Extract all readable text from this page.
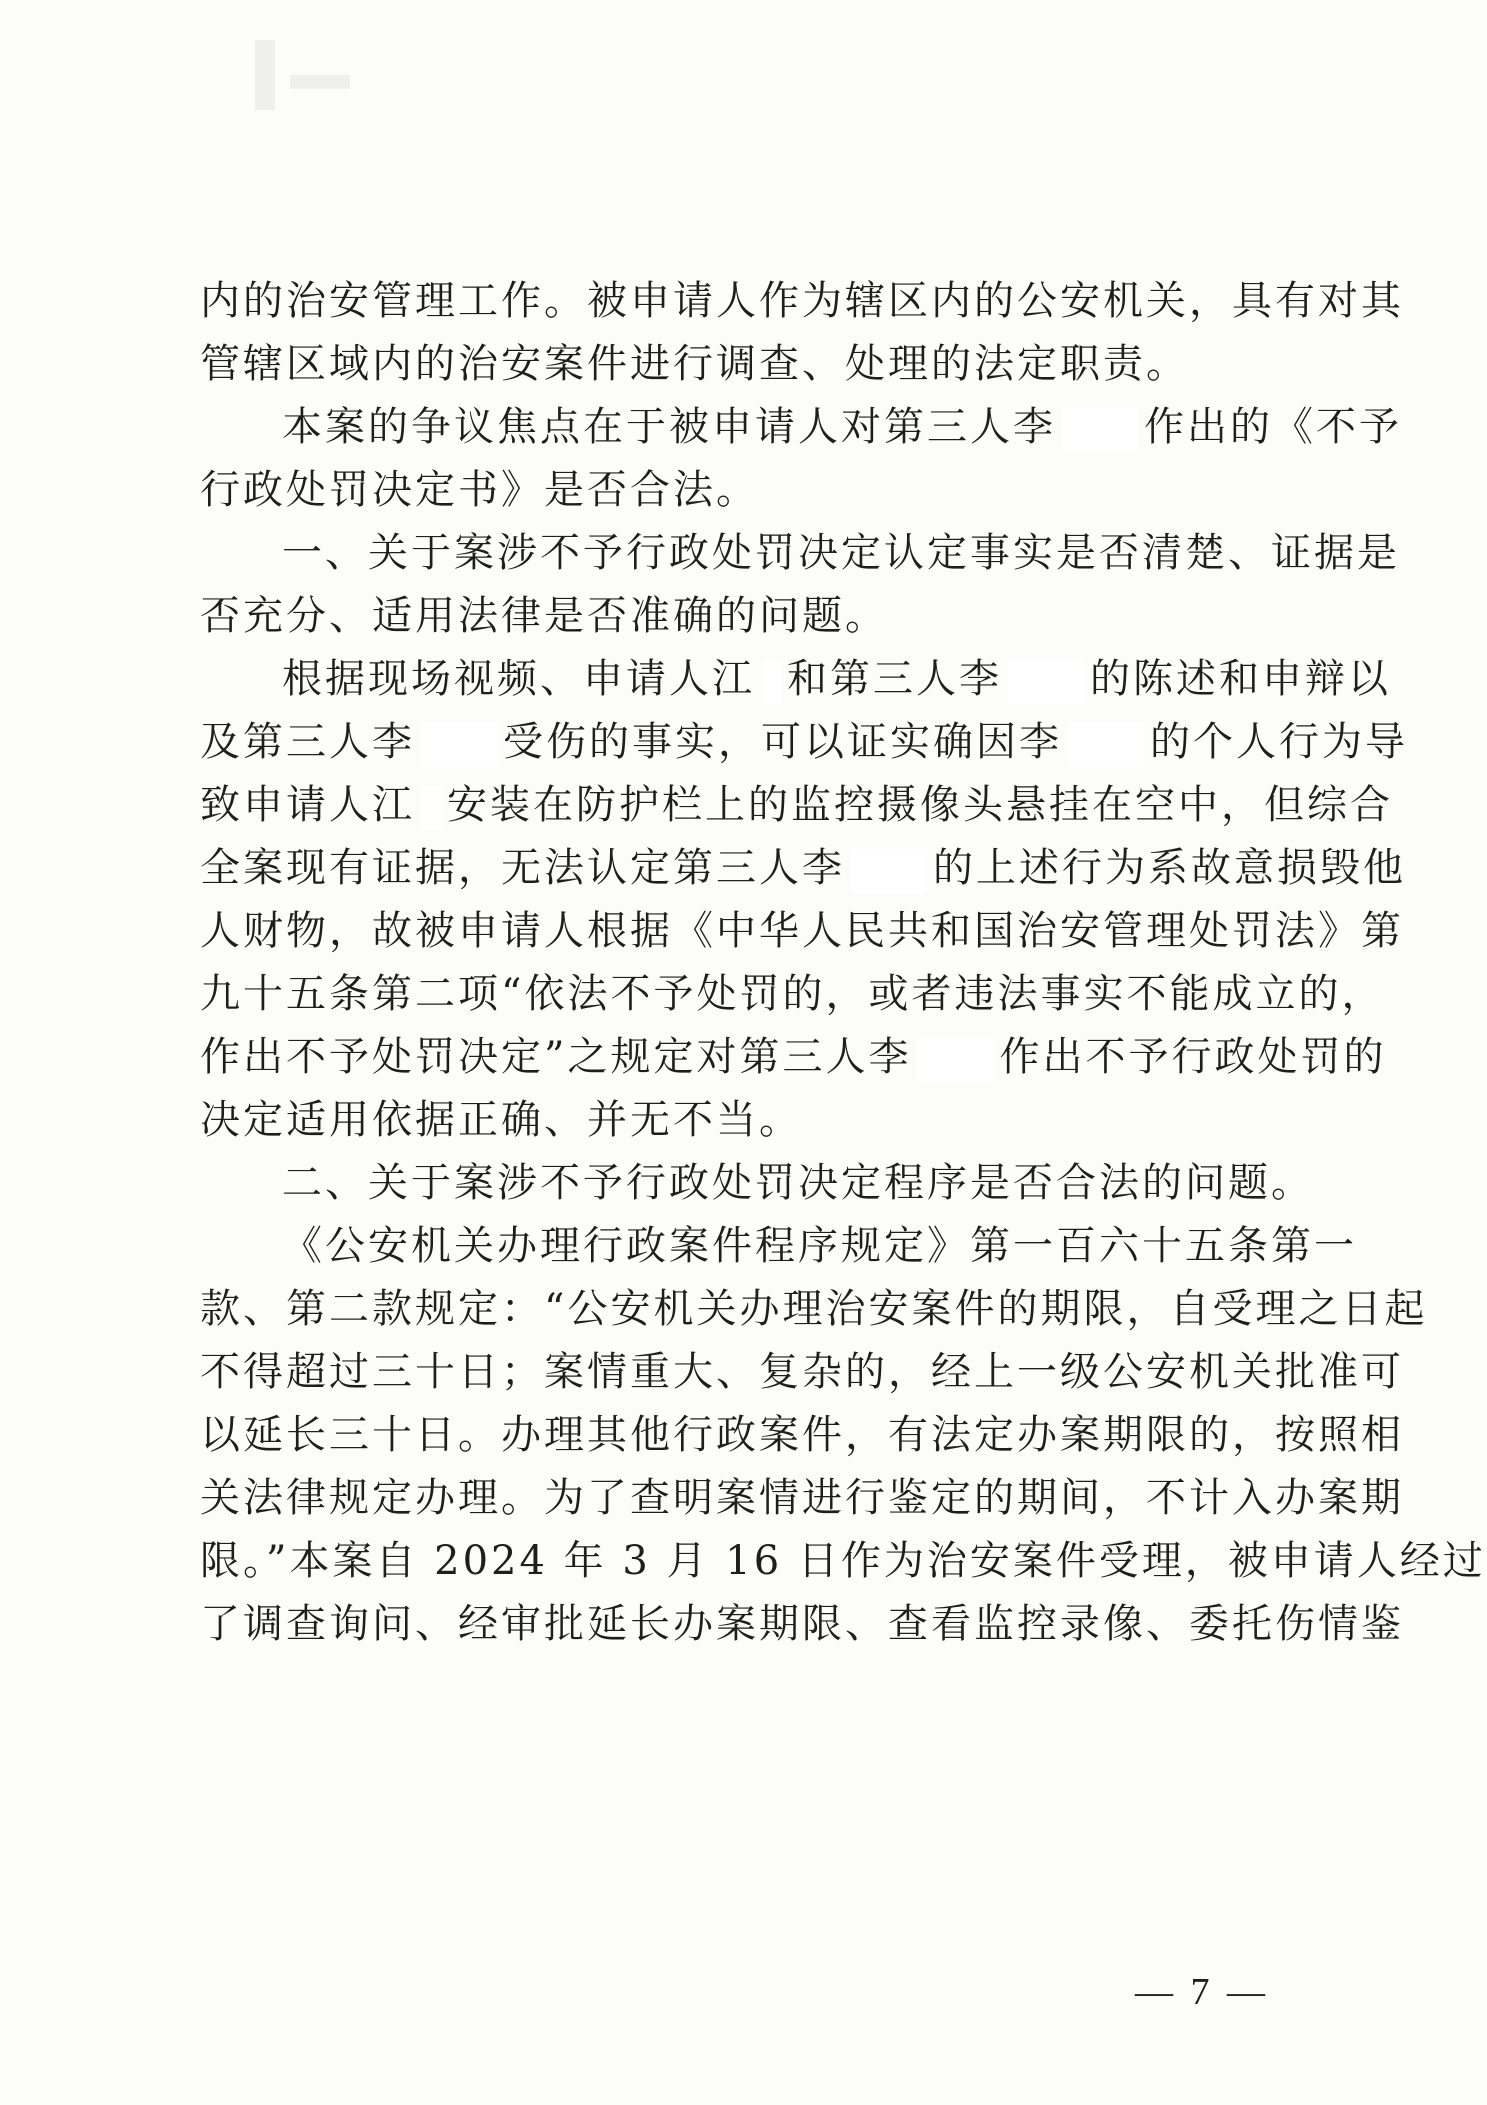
内的治安管理工作。被申请人作为辖区内的公安机关，具有对其
管辖区域内的治安案件进行调查、处理的法定职责。
本案的争议焦点在于被申请人对第三人李 作出的《不予
行政处罚决定书》是否合法。
一、关于案涉不予行政处罚决定认定事实是否清楚、证据是
否充分、适用法律是否准确的问题。
根据现场视频、申请人江 和第三人李 的陈述和申辩以
及第三人李 受伤的事实，可以证实确因李 的个人行为导
致申请人江 安装在防护栏上的监控摄像头悬挂在空中，但综合
全案现有证据，无法认定第三人李 的上述行为系故意损毁他
人财物，故被申请人根据《中华人民共和国治安管理处罚法》第
九十五条第二项“依法不予处罚的，或者违法事实不能成立的，
作出不予处罚决定”之规定对第三人李 作出不予行政处罚的
决定适用依据正确、并无不当。
二、关于案涉不予行政处罚决定程序是否合法的问题。
《公安机关办理行政案件程序规定》第一百六十五条第一
款、第二款规定：“公安机关办理治安案件的期限，自受理之日起
不得超过三十日；案情重大、复杂的，经上一级公安机关批准可
以延长三十日。办理其他行政案件，有法定办案期限的，按照相
关法律规定办理。为了查明案情进行鉴定的期间，不计入办案期
限。”本案自 2024 年 3 月 16 日作为治安案件受理，被申请人经过
了调查询问、经审批延长办案期限、查看监控录像、委托伤情鉴
— 7 —
